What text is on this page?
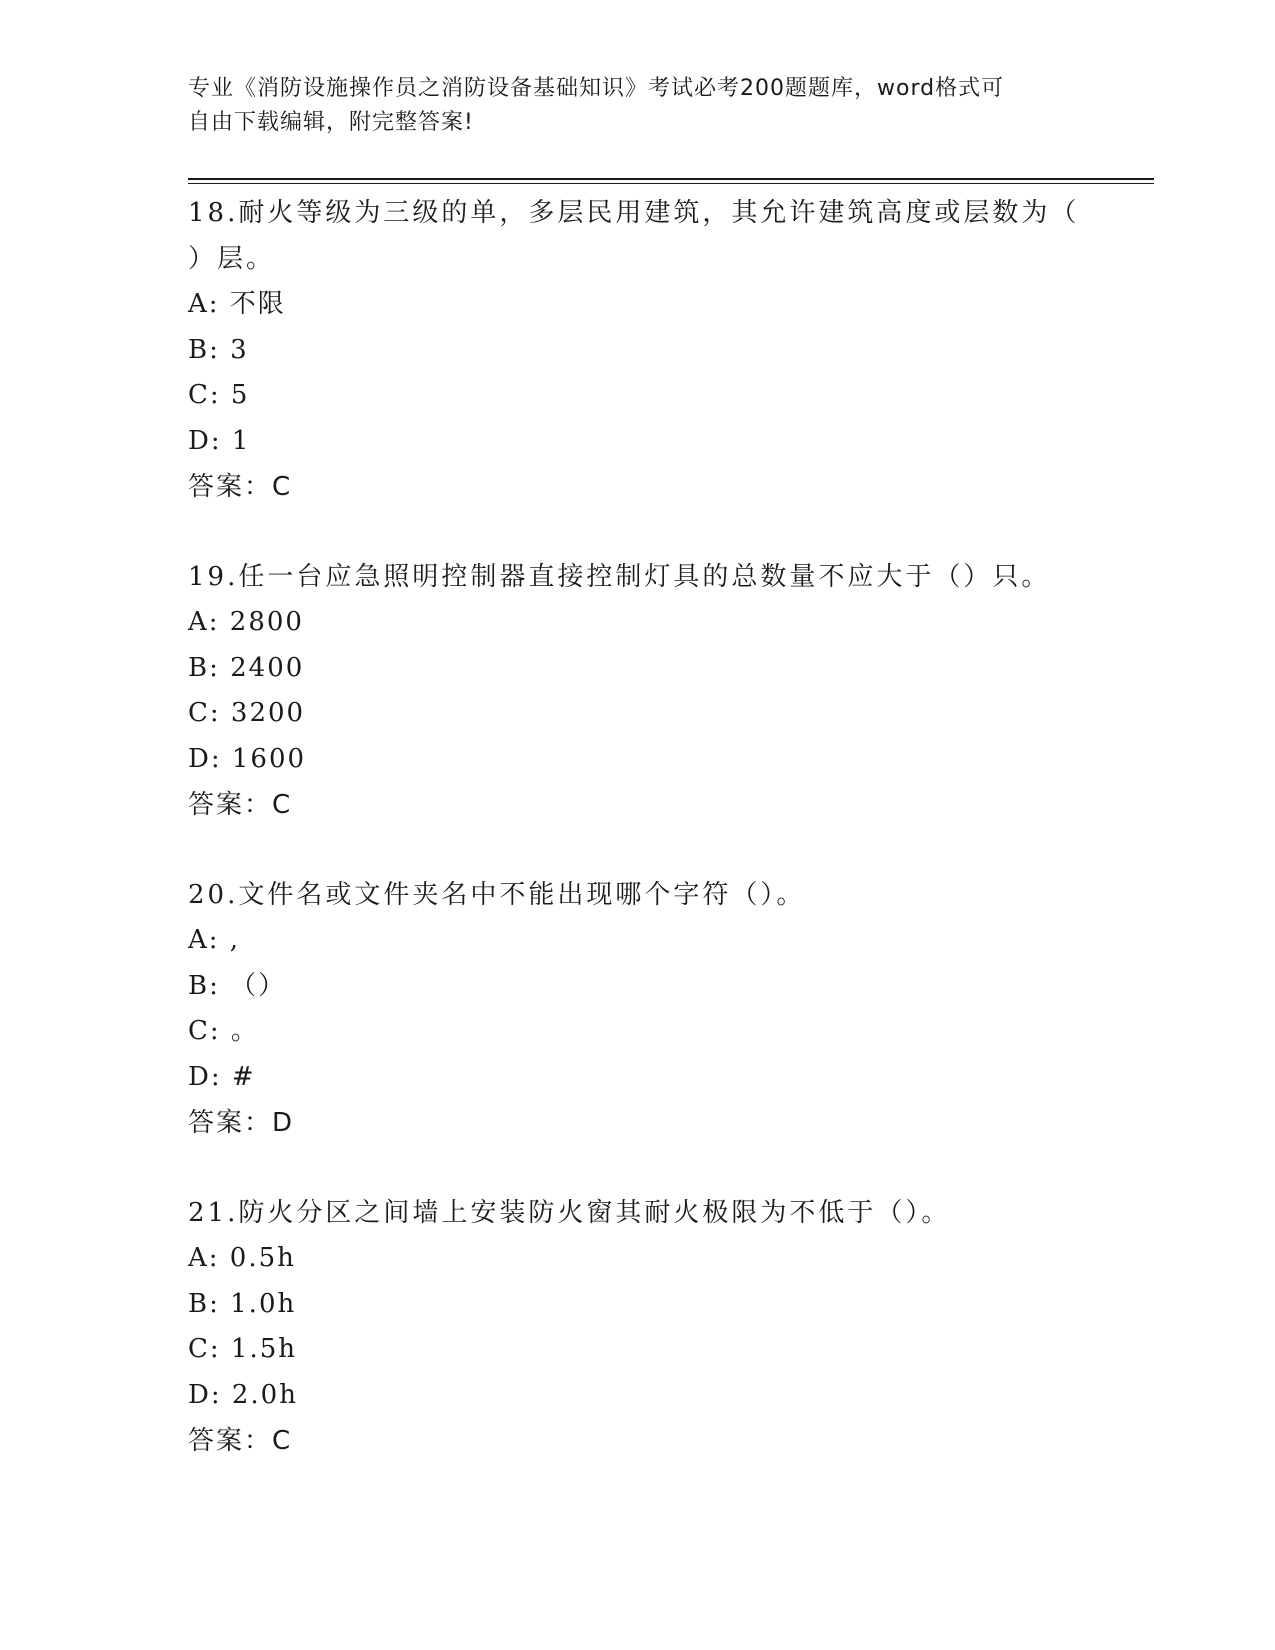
专业《消防设施操作员之消防设备基础知识》考试必考200题题库，word格式可
自由下载编辑，附完整答案!

18.耐火等级为三级的单，多层民用建筑，其允许建筑高度或层数为（

）层。

A: 不限

B: 3

C: 5

D: 1

答案：C

19.任一台应急照明控制器直接控制灯具的总数量不应大于（）只。

A: 2800

B: 2400

C: 3200

D: 1600

答案：C

20.文件名或文件夹名中不能出现哪个字符（）。

A: ,

B: （）

C: 。

D: #

答案：D

21.防火分区之间墙上安装防火窗其耐火极限为不低于（）。

A: 0.5h

B: 1.0h

C: 1.5h

D: 2.0h

答案：C
